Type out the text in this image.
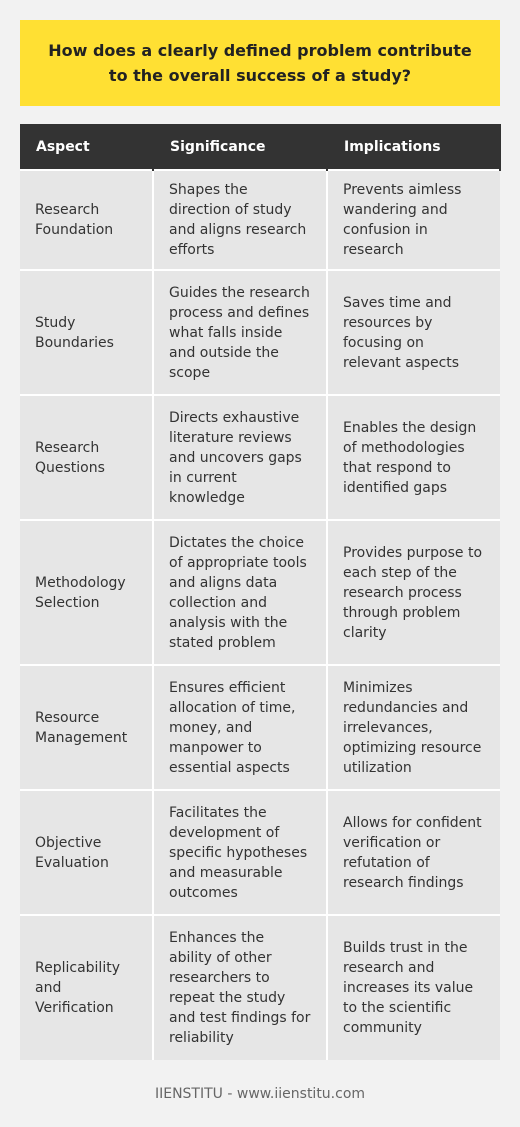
How does a clearly defined problem contribute to the overall success of a study?
Aspect	Significance	Implications
Research Foundation	Shapes the direction of study and aligns research efforts	Prevents aimless wandering and confusion in research
Study Boundaries	Guides the research process and defines what falls inside and outside the scope	Saves time and resources by focusing on relevant aspects
Research Questions	Directs exhaustive literature reviews and uncovers gaps in current knowledge	Enables the design of methodologies that respond to identified gaps
Methodology Selection	Dictates the choice of appropriate tools and aligns data collection and analysis with the stated problem	Provides purpose to each step of the research process through problem clarity
Resource Management	Ensures efficient allocation of time, money, and manpower to essential aspects	Minimizes redundancies and irrelevances, optimizing resource utilization
Objective Evaluation	Facilitates the development of specific hypotheses and measurable outcomes	Allows for confident verification or refutation of research findings
Replicability and Verification	Enhances the ability of other researchers to repeat the study and test findings for reliability	Builds trust in the research and increases its value to the scientific community
IIENSTITU - www.iienstitu.com
